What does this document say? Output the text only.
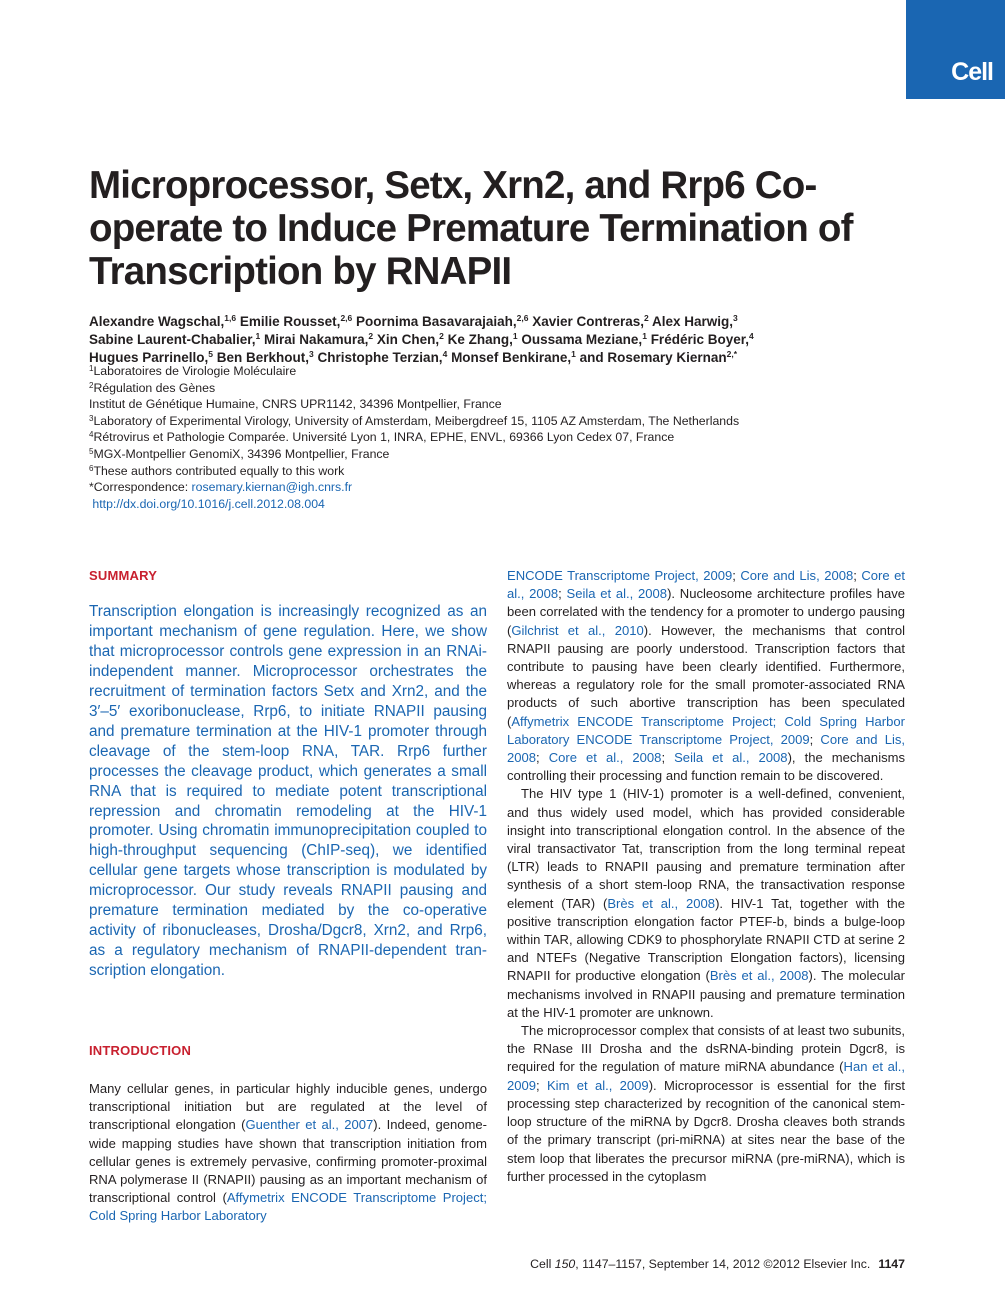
Cell
Microprocessor, Setx, Xrn2, and Rrp6 Co-operate to Induce Premature Termination of Transcription by RNAPII

Alexandre Wagschal,$^{1,6}$ Emilie Rousset,$^{2,6}$ Poornima Basavarajaiah,$^{2,6}$ Xavier Contreras,$^2$ Alex Harwig,$^3$

Sabine Laurent-Chabalier,$^1$ Mirai Nakamura,$^2$ Xin Chen,$^2$ Ke Zhang,$^1$ Oussama Meziane,$^1$ Frédéric Boyer,$^4$

Hugues Parrinello,$^5$ Ben Berkhout,$^3$ Christophe Terzian,$^4$ Monsef Benkirane,$^1$ and Rosemary Kiernan$^{2,*}$

$^1$Laboratoires de Virologie Moléculaire

$^2$Régulation des Gènes

Institut de Génétique Humaine, CNRS UPR1142, 34396 Montpellier, France

$^3$Laboratory of Experimental Virology, University of Amsterdam, Meibergdreef 15, 1105 AZ Amsterdam, The Netherlands

$^4$Rétrovirus et Pathologie Comparée. Université Lyon 1, INRA, EPHE, ENVL, 69366 Lyon Cedex 07, France

$^5$MGX-Montpellier GenomiX, 34396 Montpellier, France

$^6$These authors contributed equally to this work

*Correspondence: rosemary.kiernan@igh.cnrs.fr

http://dx.doi.org/10.1016/j.cell.2012.08.004

SUMMARY

Transcription elongation is increasingly recognized as an important mechanism of gene regulation. Here, we show that microprocessor controls gene expression in an RNAi-independent manner. Microprocessor orchestrates the recruitment of termination factors Setx and Xrn2, and the 3′–5′ exoribonuclease, Rrp6, to initiate RNAPII pausing and premature termination at the HIV-1 promoter through cleavage of the stem-loop RNA, TAR. Rrp6 further processes the cleavage product, which generates a small RNA that is required to mediate potent transcriptional repression and chromatin remodeling at the HIV-1 promoter. Using chromatin immunoprecipitation coupled to high-throughput sequencing (ChIP-seq), we identified cellular gene targets whose transcription is modulated by microprocessor. Our study reveals RNAPII pausing and premature termination mediated by the co-operative activity of ribonucleases, Drosha/Dgcr8, Xrn2, and Rrp6, as a regulatory mechanism of RNAPII-dependent transcription elongation.

INTRODUCTION

Many cellular genes, in particular highly inducible genes, undergo transcriptional initiation but are regulated at the level of transcriptional elongation (Guenther et al., 2007). Indeed, genome-wide mapping studies have shown that transcription initiation from cellular genes is extremely pervasive, confirming promoter-proximal RNA polymerase II (RNAPII) pausing as an important mechanism of transcriptional control (Affymetrix ENCODE Transcriptome Project; Cold Spring Harbor Laboratory

ENCODE Transcriptome Project, 2009; Core and Lis, 2008; Core et al., 2008; Seila et al., 2008). Nucleosome architecture profiles have been correlated with the tendency for a promoter to undergo pausing (Gilchrist et al., 2010). However, the mechanisms that control RNAPII pausing are poorly understood. Transcription factors that contribute to pausing have been clearly identified. Furthermore, whereas a regulatory role for the small promoter-associated RNA products of such abortive transcription has been speculated (Affymetrix ENCODE Transcriptome Project; Cold Spring Harbor Laboratory ENCODE Transcriptome Project, 2009; Core and Lis, 2008; Core et al., 2008; Seila et al., 2008), the mechanisms controlling their processing and function remain to be discovered.

The HIV type 1 (HIV-1) promoter is a well-defined, convenient, and thus widely used model, which has provided considerable insight into transcriptional elongation control. In the absence of the viral transactivator Tat, transcription from the long terminal repeat (LTR) leads to RNAPII pausing and premature termination after synthesis of a short stem-loop RNA, the transactivation response element (TAR) (Brès et al., 2008). HIV-1 Tat, together with the positive transcription elongation factor PTEF-b, binds a bulge-loop within TAR, allowing CDK9 to phosphorylate RNAPII CTD at serine 2 and NTEFs (Negative Transcription Elongation factors), licensing RNAPII for productive elongation (Brès et al., 2008). The molecular mechanisms involved in RNAPII pausing and premature termination at the HIV-1 promoter are unknown.

The microprocessor complex that consists of at least two subunits, the RNase III Drosha and the dsRNA-binding protein Dgcr8, is required for the regulation of mature miRNA abundance (Han et al., 2009; Kim et al., 2009). Microprocessor is essential for the first processing step characterized by recognition of the canonical stem-loop structure of the miRNA by Dgcr8. Drosha cleaves both strands of the primary transcript (pri-miRNA) at sites near the base of the stem loop that liberates the precursor miRNA (pre-miRNA), which is further processed in the cytoplasm

Cell 150, 1147–1157, September 14, 2012 ©2012 Elsevier Inc. 1147
